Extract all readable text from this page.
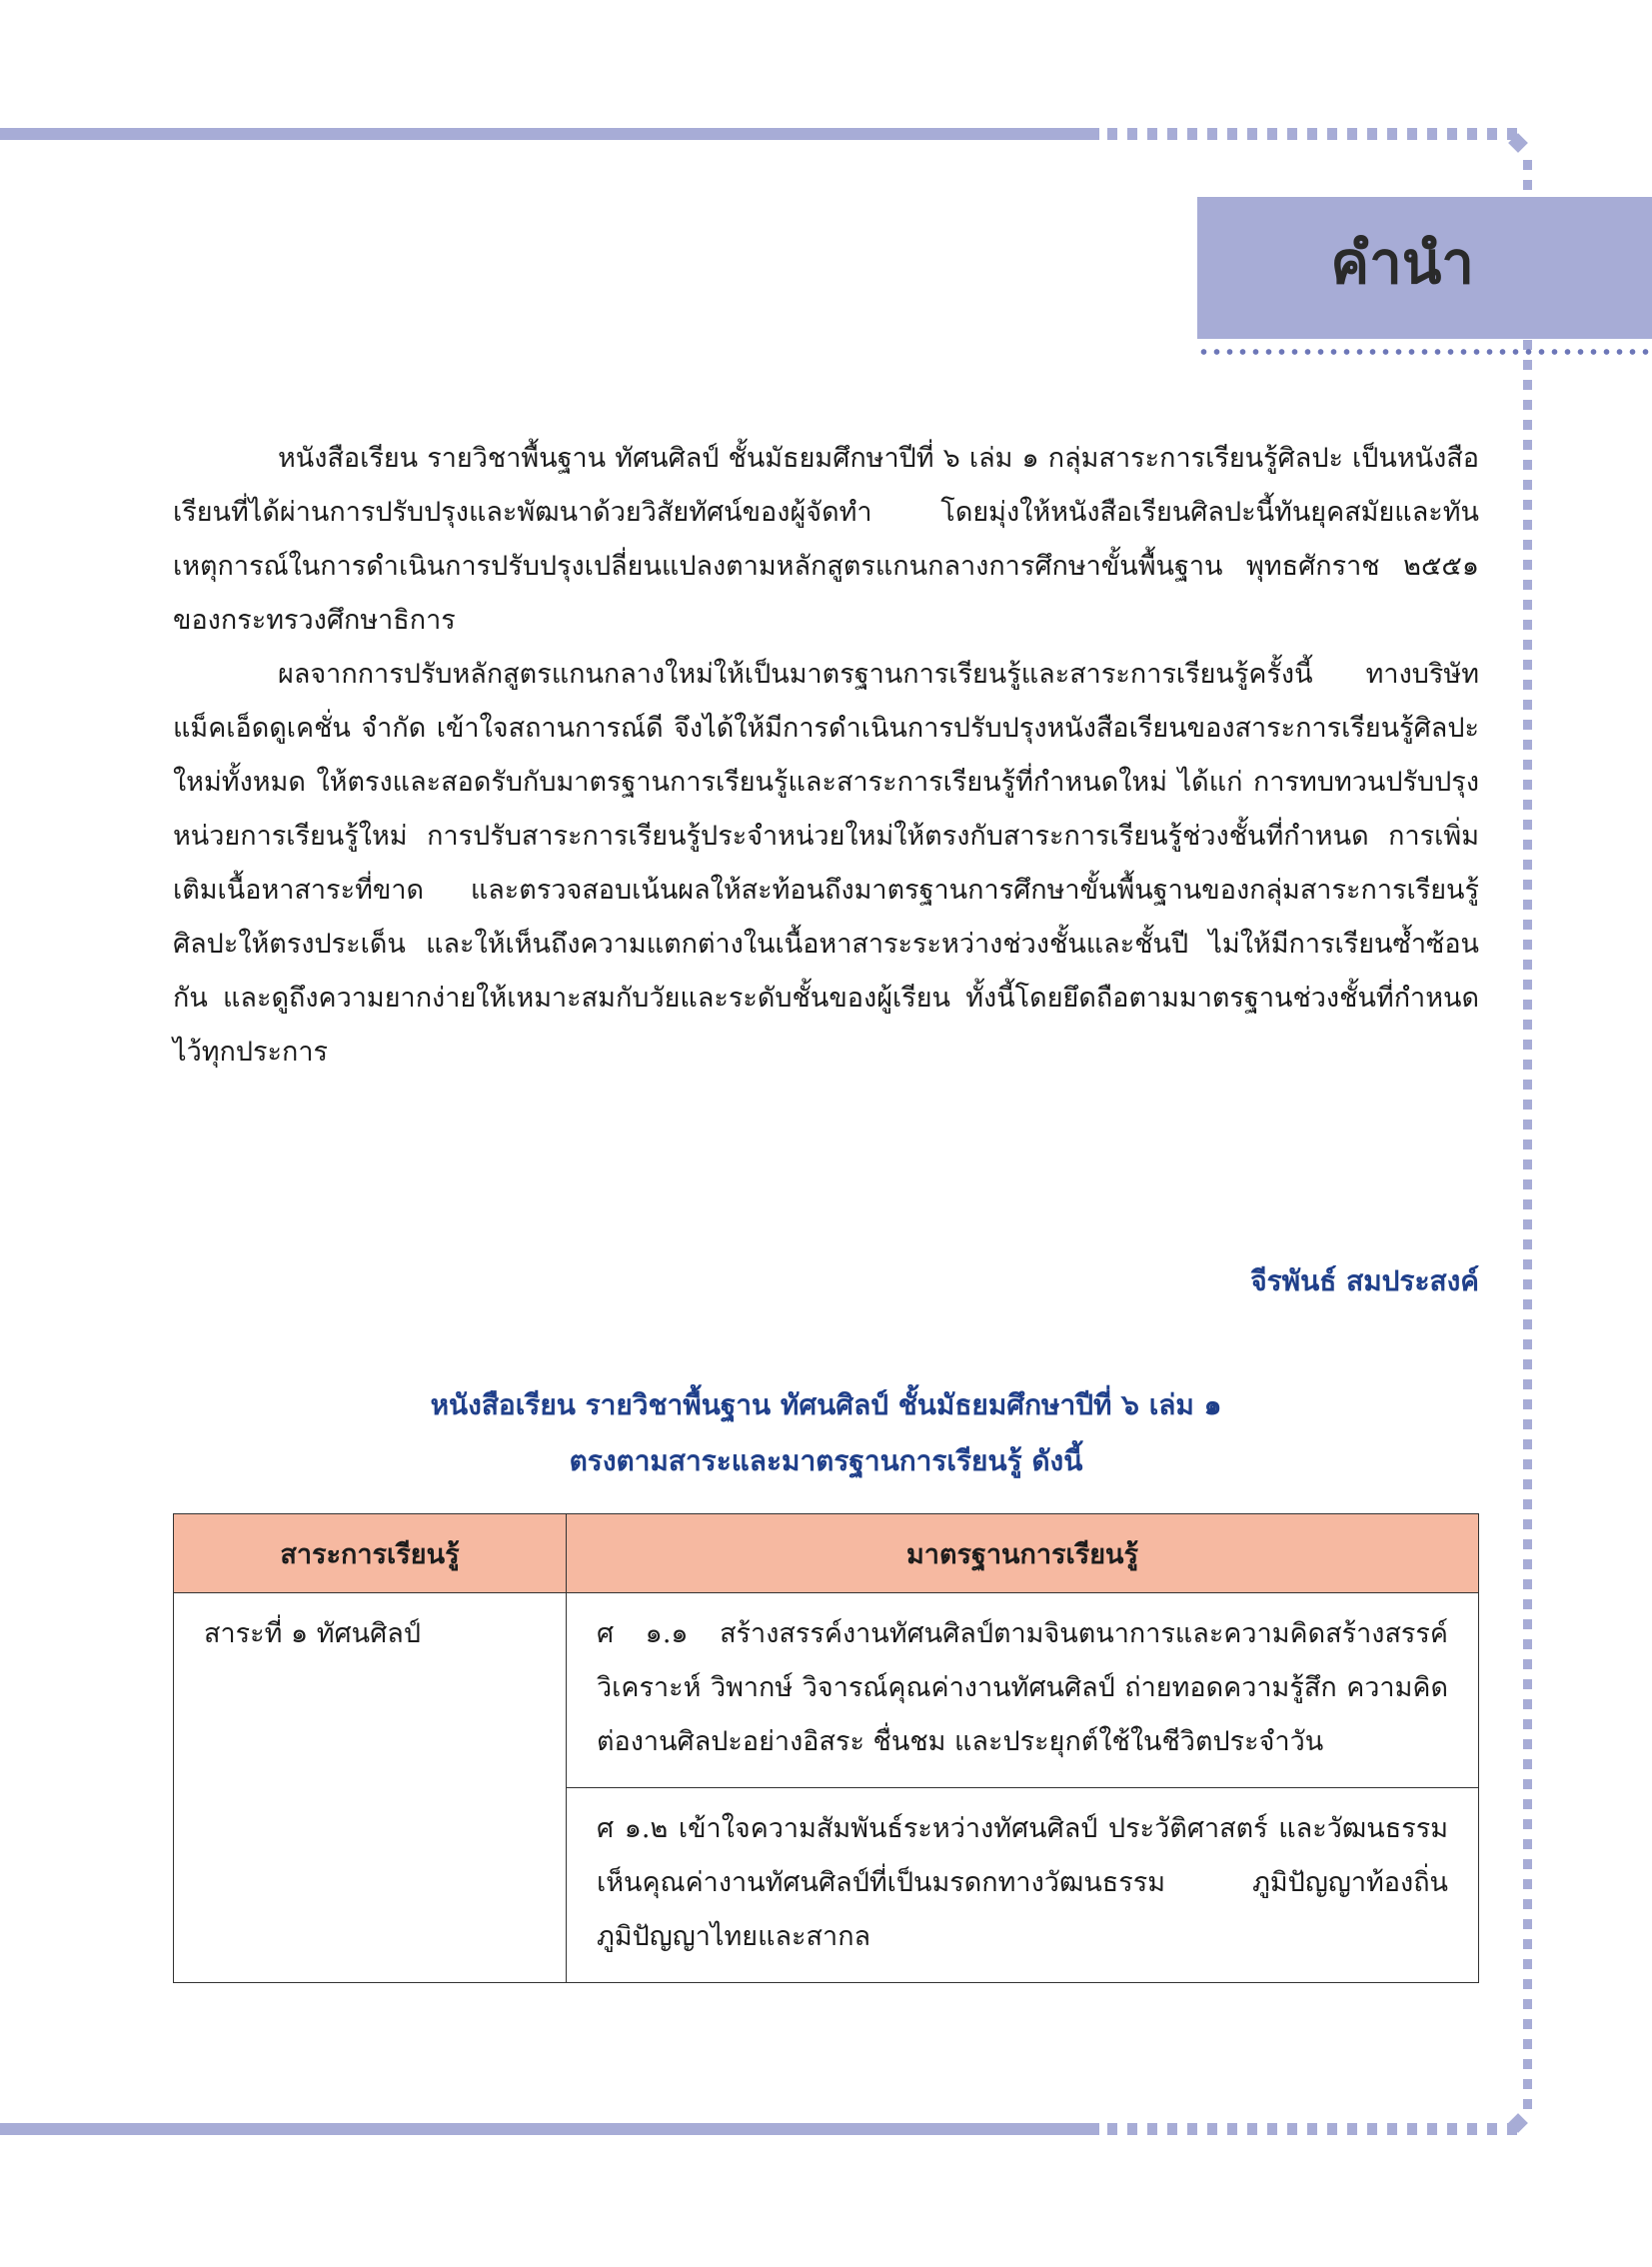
คำนำ

หนังสือเรียน รายวิชาพื้นฐาน ทัศนศิลป์ ชั้นมัธยมศึกษาปีที่ ๖ เล่ม ๑ กลุ่มสาระการเรียนรู้ศิลปะ เป็นหนังสือเรียนที่ได้ผ่านการปรับปรุงและพัฒนาด้วยวิสัยทัศน์ของผู้จัดทำ โดยมุ่งให้หนังสือเรียนศิลปะนี้ทันยุคสมัยและทันเหตุการณ์ในการดำเนินการปรับปรุงเปลี่ยนแปลงตามหลักสูตรแกนกลางการศึกษาขั้นพื้นฐาน พุทธศักราช ๒๕๕๑ ของกระทรวงศึกษาธิการ

ผลจากการปรับหลักสูตรแกนกลางใหม่ให้เป็นมาตรฐานการเรียนรู้และสาระการเรียนรู้ครั้งนี้ ทางบริษัท แม็คเอ็ดดูเคชั่น จำกัด เข้าใจสถานการณ์ดี จึงได้ให้มีการดำเนินการปรับปรุงหนังสือเรียนของสาระการเรียนรู้ศิลปะใหม่ทั้งหมด ให้ตรงและสอดรับกับมาตรฐานการเรียนรู้และสาระการเรียนรู้ที่กำหนดใหม่ ได้แก่ การทบทวนปรับปรุงหน่วยการเรียนรู้ใหม่ การปรับสาระการเรียนรู้ประจำหน่วยใหม่ให้ตรงกับสาระการเรียนรู้ช่วงชั้นที่กำหนด การเพิ่มเติมเนื้อหาสาระที่ขาด และตรวจสอบเน้นผลให้สะท้อนถึงมาตรฐานการศึกษาขั้นพื้นฐานของกลุ่มสาระการเรียนรู้ศิลปะให้ตรงประเด็น และให้เห็นถึงความแตกต่างในเนื้อหาสาระระหว่างช่วงชั้นและชั้นปี ไม่ให้มีการเรียนซ้ำซ้อนกัน และดูถึงความยากง่ายให้เหมาะสมกับวัยและระดับชั้นของผู้เรียน ทั้งนี้โดยยึดถือตามมาตรฐานช่วงชั้นที่กำหนดไว้ทุกประการ

จีรพันธ์ สมประสงค์
หนังสือเรียน รายวิชาพื้นฐาน ทัศนศิลป์ ชั้นมัธยมศึกษาปีที่ ๖ เล่ม ๑
ตรงตามสาระและมาตรฐานการเรียนรู้ ดังนี้
สาระการเรียนรู้	มาตรฐานการเรียนรู้
สาระที่ ๑ ทัศนศิลป์	ศ ๑.๑ สร้างสรรค์งานทัศนศิลป์ตามจินตนาการและความคิดสร้างสรรค์ วิเคราะห์ วิพากษ์ วิจารณ์คุณค่างานทัศนศิลป์ ถ่ายทอดความรู้สึก ความคิดต่องานศิลปะอย่างอิสระ ชื่นชม และประยุกต์ใช้ในชีวิตประจำวัน
	ศ ๑.๒ เข้าใจความสัมพันธ์ระหว่างทัศนศิลป์ ประวัติศาสตร์ และวัฒนธรรม เห็นคุณค่างานทัศนศิลป์ที่เป็นมรดกทางวัฒนธรรม ภูมิปัญญาท้องถิ่น ภูมิปัญญาไทยและสากล
